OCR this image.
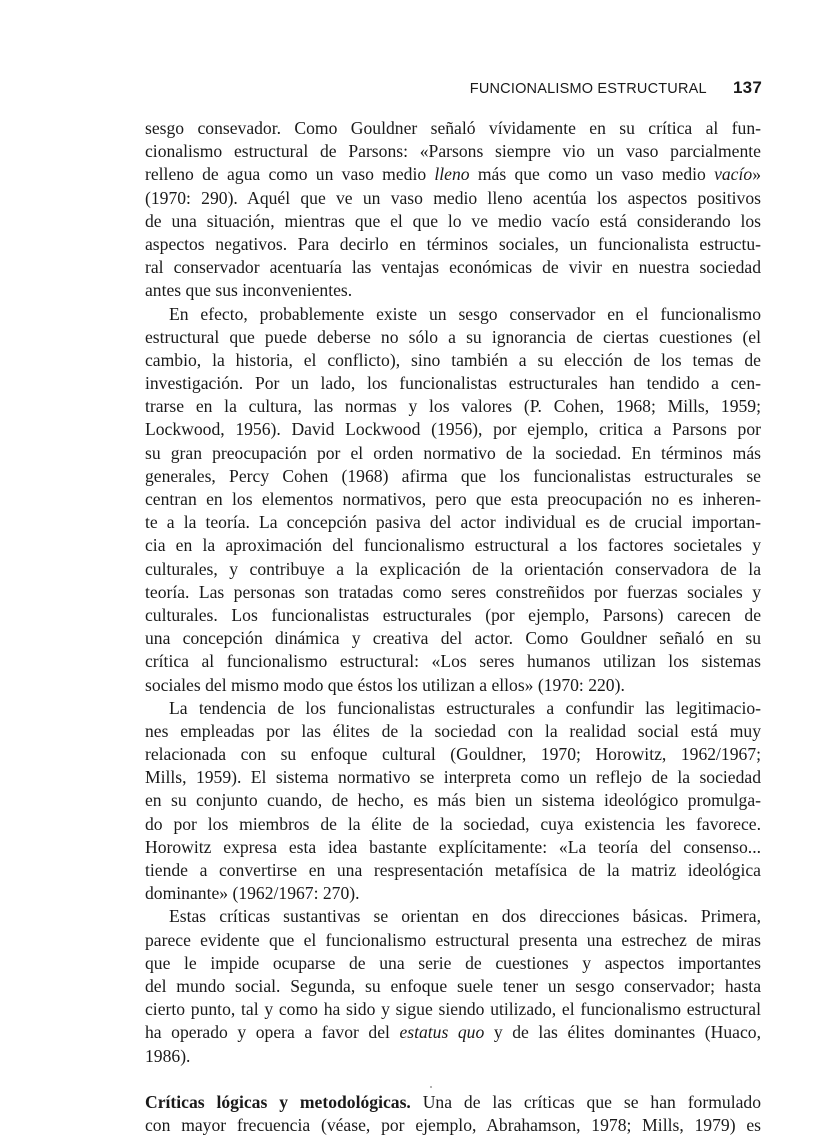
FUNCIONALISMO ESTRUCTURAL 137
sesgo consevador. Como Gouldner señaló vívidamente en su crítica al fun-
cionalismo estructural de Parsons: «Parsons siempre vio un vaso parcialmente
relleno de agua como un vaso medio lleno más que como un vaso medio vacío»
(1970: 290). Aquél que ve un vaso medio lleno acentúa los aspectos positivos
de una situación, mientras que el que lo ve medio vacío está considerando los
aspectos negativos. Para decirlo en términos sociales, un funcionalista estructu-
ral conservador acentuaría las ventajas económicas de vivir en nuestra sociedad
antes que sus inconvenientes.
En efecto, probablemente existe un sesgo conservador en el funcionalismo
estructural que puede deberse no sólo a su ignorancia de ciertas cuestiones (el
cambio, la historia, el conflicto), sino también a su elección de los temas de
investigación. Por un lado, los funcionalistas estructurales han tendido a cen-
trarse en la cultura, las normas y los valores (P. Cohen, 1968; Mills, 1959;
Lockwood, 1956). David Lockwood (1956), por ejemplo, critica a Parsons por
su gran preocupación por el orden normativo de la sociedad. En términos más
generales, Percy Cohen (1968) afirma que los funcionalistas estructurales se
centran en los elementos normativos, pero que esta preocupación no es inheren-
te a la teoría. La concepción pasiva del actor individual es de crucial importan-
cia en la aproximación del funcionalismo estructural a los factores societales y
culturales, y contribuye a la explicación de la orientación conservadora de la
teoría. Las personas son tratadas como seres constreñidos por fuerzas sociales y
culturales. Los funcionalistas estructurales (por ejemplo, Parsons) carecen de
una concepción dinámica y creativa del actor. Como Gouldner señaló en su
crítica al funcionalismo estructural: «Los seres humanos utilizan los sistemas
sociales del mismo modo que éstos los utilizan a ellos» (1970: 220).
La tendencia de los funcionalistas estructurales a confundir las legitimacio-
nes empleadas por las élites de la sociedad con la realidad social está muy
relacionada con su enfoque cultural (Gouldner, 1970; Horowitz, 1962/1967;
Mills, 1959). El sistema normativo se interpreta como un reflejo de la sociedad
en su conjunto cuando, de hecho, es más bien un sistema ideológico promulga-
do por los miembros de la élite de la sociedad, cuya existencia les favorece.
Horowitz expresa esta idea bastante explícitamente: «La teoría del consenso...
tiende a convertirse en una respresentación metafísica de la matriz ideológica
dominante» (1962/1967: 270).
Estas críticas sustantivas se orientan en dos direcciones básicas. Primera,
parece evidente que el funcionalismo estructural presenta una estrechez de miras
que le impide ocuparse de una serie de cuestiones y aspectos importantes
del mundo social. Segunda, su enfoque suele tener un sesgo conservador; hasta
cierto punto, tal y como ha sido y sigue siendo utilizado, el funcionalismo estructural
ha operado y opera a favor del estatus quo y de las élites dominantes (Huaco,
1986).
Críticas lógicas y metodológicas. Una de las críticas que se han formulado
con mayor frecuencia (véase, por ejemplo, Abrahamson, 1978; Mills, 1979) es
